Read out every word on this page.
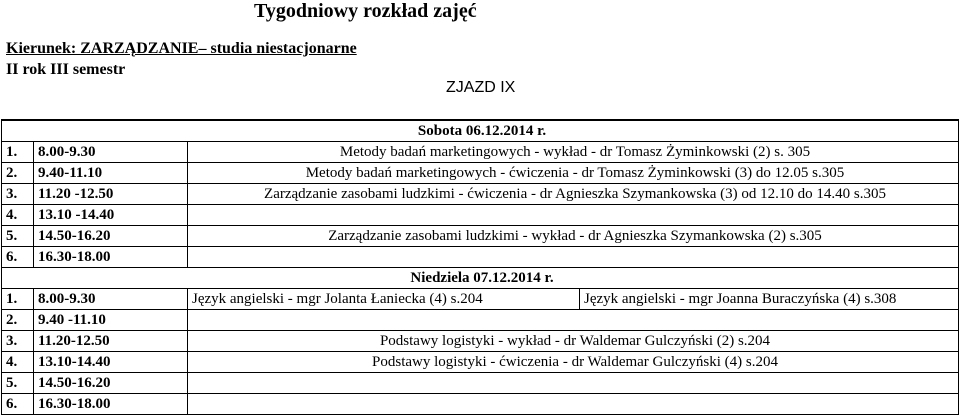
Tygodniowy rozkład zajęć
Kierunek: ZARZĄDZANIE– studia niestacjonarne
II rok III semestr
ZJAZD IX
Sobota 06.12.2014 r.			
1.	8.00-9.30	Metody badań marketingowych - wykład - dr Tomasz Żyminkowski (2) s. 305	
2.	9.40-11.10	Metody badań marketingowych - ćwiczenia - dr Tomasz Żyminkowski (3) do 12.05 s.305	
3.	11.20 -12.50	Zarządzanie zasobami ludzkimi - ćwiczenia - dr Agnieszka Szymankowska (3) od 12.10 do 14.40 s.305	
4.	13.10 -14.40		
5.	14.50-16.20	Zarządzanie zasobami ludzkimi - wykład - dr Agnieszka Szymankowska (2) s.305	
6.	16.30-18.00		
Niedziela 07.12.2014 r.			
1.	8.00-9.30	Język angielski - mgr Jolanta Łaniecka (4) s.204	Język angielski - mgr Joanna Buraczyńska (4) s.308
2.	9.40 -11.10		
3.	11.20-12.50	Podstawy logistyki - wykład - dr Waldemar Gulczyński (2) s.204	
4.	13.10-14.40	Podstawy logistyki - ćwiczenia - dr Waldemar Gulczyński (4) s.204	
5.	14.50-16.20		
6.	16.30-18.00		
